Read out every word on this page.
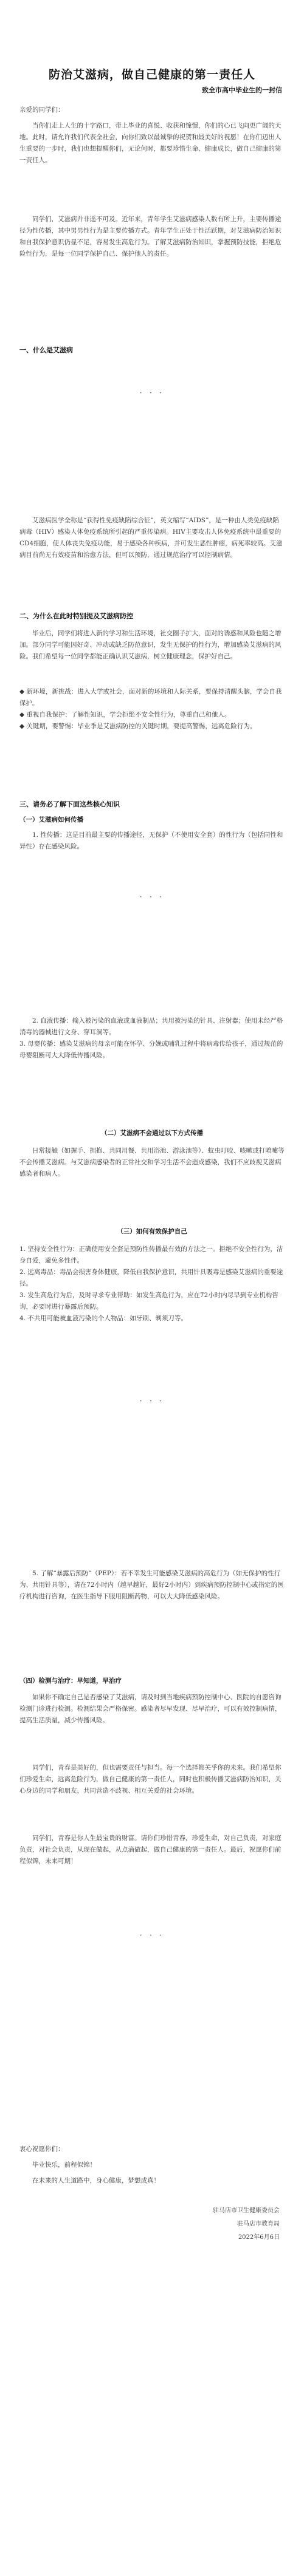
防治艾滋病，做自己健康的第一责任人
致全市高中毕业生的一封信
亲爱的同学们：
当你们走上人生的十字路口，带上毕业的喜悦、收获和憧憬，你们的心已飞向更广阔的天地。此时，请允许我们代表全社会，向你们致以最诚挚的祝贺和最美好的祝愿！在你们迈出人生重要的一步时，我们也想提醒你们，无论何时，都要珍惜生命、健康成长，做自己健康的第一责任人。
同学们，艾滋病并非遥不可及。近年来，青年学生艾滋病感染人数有所上升，主要传播途径为性传播，其中男男性行为是主要传播方式。青年学生正处于性活跃期，对艾滋病防治知识和自我保护意识仍显不足，容易发生高危行为。了解艾滋病防治知识，掌握预防技能，拒绝危险性行为，是每一位同学保护自己、保护他人的责任。
一、什么是艾滋病
· · ·
艾滋病医学全称是“获得性免疫缺陷综合征”，英文缩写“AIDS”，是一种由人类免疫缺陷病毒（HIV）感染人体免疫系统所引起的严重传染病。HIV主要攻击人体免疫系统中最重要的CD4细胞，使人体丧失免疫功能，易于感染各种疾病，并可发生恶性肿瘤，病死率较高。艾滋病目前尚无有效疫苗和治愈方法，但可以预防，通过规范治疗可以控制病情。
二、为什么在此时特别提及艾滋病防控
毕业后，同学们将进入新的学习和生活环境，社交圈子扩大，面对的诱惑和风险也随之增加。部分同学可能因好奇、冲动或缺乏防范意识，发生无保护的性行为，增加感染艾滋病的风险。我们希望每一位同学都能正确认识艾滋病，树立健康理念，保护好自己。
◆ 新环境，新挑战：进入大学或社会，面对新的环境和人际关系，要保持清醒头脑，学会自我保护。
◆ 重视自我保护：了解性知识，学会拒绝不安全性行为，尊重自己和他人。
◆ 关键期，要警惕：毕业季是艾滋病防控的关键时期，要提高警惕，远离危险行为。
三、请务必了解下面这些核心知识
（一）艾滋病如何传播
1. 性传播：这是目前最主要的传播途径，无保护（不使用安全套）的性行为（包括同性和异性）存在感染风险。
· · ·
2. 血液传播：输入被污染的血液或血液制品；共用被污染的针具、注射器；使用未经严格消毒的器械进行文身、穿耳洞等。
3. 母婴传播：感染艾滋病的母亲可能在怀孕、分娩或哺乳过程中将病毒传给孩子，通过规范的母婴阻断可大大降低传播风险。
（二）艾滋病不会通过以下方式传播
日常接触（如握手、拥抱、共同用餐、共用浴池、游泳池等）、蚊虫叮咬、咳嗽或打喷嚏等不会传播艾滋病。与艾滋病感染者的正常社交和学习生活不会造成感染，我们不应歧视艾滋病感染者和病人。
（三）如何有效保护自己
1. 坚持安全性行为：正确使用安全套是预防性传播最有效的方法之一。拒绝不安全性行为，洁身自爱，避免多性伴。
2. 远离毒品：毒品会损害身体健康，降低自我保护意识，共用针具吸毒是感染艾滋病的重要途径。
3. 发生高危行为后，及时寻求专业帮助：如发生高危行为，应在72小时内尽早到专业机构咨询，必要时进行暴露后预防。
4. 不共用可能被血液污染的个人物品：如牙刷、剃须刀等。
· · ·
5. 了解“暴露后预防”（PEP）：若不幸发生可能感染艾滋病的高危行为（如无保护的性行为、共用针具等），请在72小时内（越早越好，最好2小时内）到疾病预防控制中心或指定的医疗机构进行咨询，在医生指导下服用阻断药物，可以大大降低感染风险。
（四）检测与治疗：早知道，早治疗
如果你不确定自己是否感染了艾滋病，请及时到当地疾病预防控制中心、医院的自愿咨询检测门诊进行检测。检测结果会严格保密。感染者尽早发现、尽早治疗，可以有效控制病情，提高生活质量，减少传播风险。
同学们，青春是美好的，但也需要责任与担当。每一个选择都关乎你的未来。我们希望你们珍爱生命，远离危险行为，做自己健康的第一责任人，同时也积极传播艾滋病防治知识，关心身边的同学和朋友，共同营造不歧视、相互关爱的社会环境。
同学们，青春是你人生最宝贵的财富。请你们珍惜青春，珍爱生命，对自己负责，对家庭负责，对社会负责，从现在做起，从点滴做起，做自己健康的第一责任人。最后，祝愿你们前程似锦，未来可期！
· · ·
衷心祝愿你们：
毕业快乐，前程似锦！
在未来的人生道路中，身心健康，梦想成真！
驻马店市卫生健康委员会
驻马店市教育局
2022年6月6日
